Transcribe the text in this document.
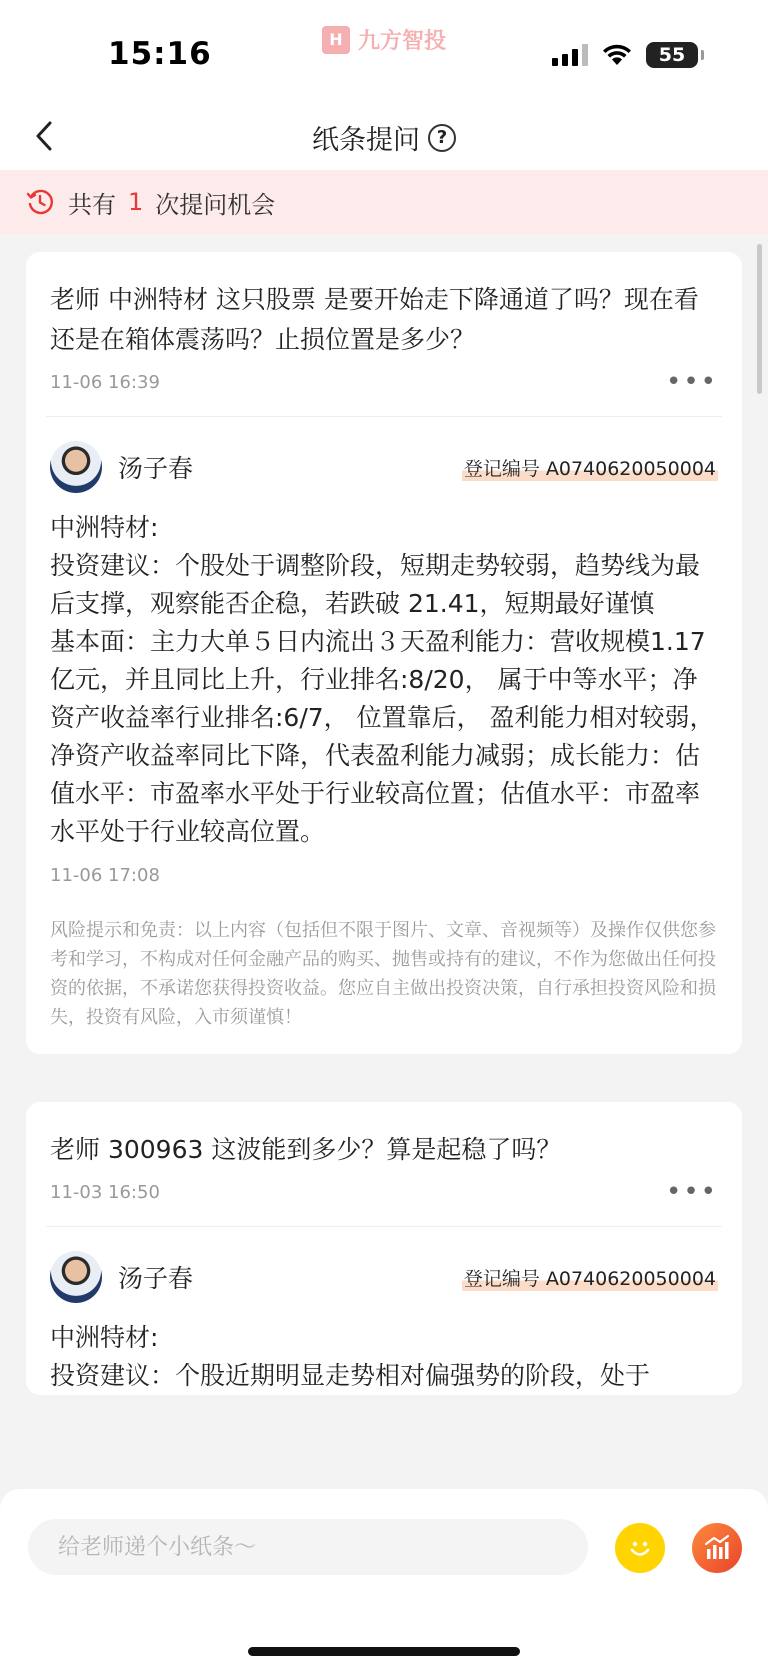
15:16	H 九方智投
55
纸条提问 ?
共有 1 次提问机会
老师 中洲特材 这只股票 是要开始走下降通道了吗？现在看还是在箱体震荡吗？止损位置是多少？
11-06 16:39	•••
汤子春	登记编号 A0740620050004

中洲特材:

投资建议：个股处于调整阶段，短期走势较弱，趋势线为最后支撑，观察能否企稳，若跌破 21.41，短期最好谨慎

基本面：主力大单５日内流出３天盈利能力：营收规模1.17亿元，并且同比上升，行业排名:8/20， 属于中等水平；净资产收益率行业排名:6/7， 位置靠后， 盈利能力相对较弱，净资产收益率同比下降，代表盈利能力减弱；成长能力：估值水平：市盈率水平处于行业较高位置；估值水平：市盈率水平处于行业较高位置。

11-06 17:08
风险提示和免责：以上内容（包括但不限于图片、文章、音视频等）及操作仅供您参考和学习，不构成对任何金融产品的购买、抛售或持有的建议，不作为您做出任何投资的依据，不承诺您获得投资收益。您应自主做出投资决策，自行承担投资风险和损失，投资有风险，入市须谨慎！
老师 300963 这波能到多少？算是起稳了吗？
11-03 16:50	•••
汤子春	登记编号 A0740620050004

中洲特材:

投资建议：个股近期明显走势相对偏强势的阶段，处于

给老师递个小纸条～
